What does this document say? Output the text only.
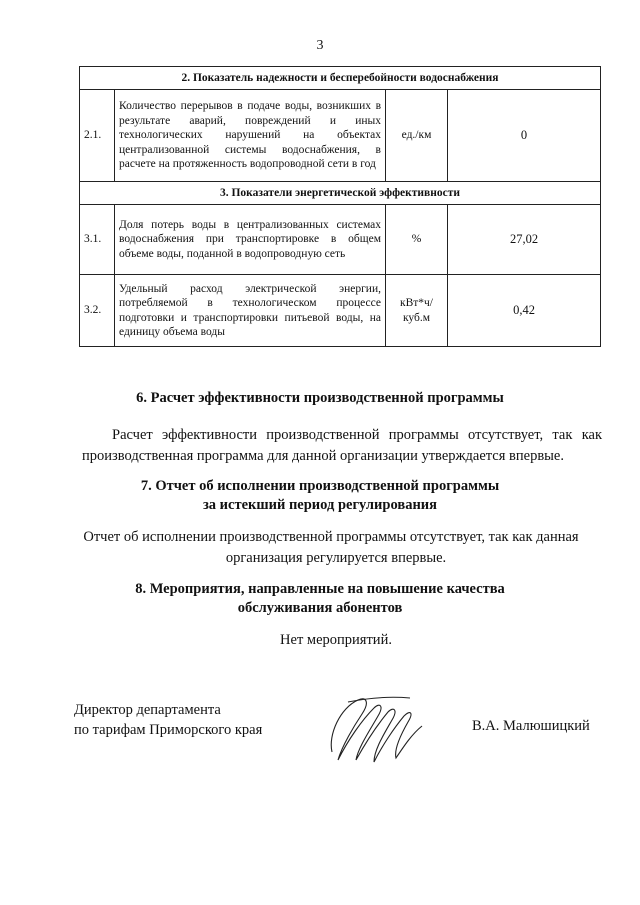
3
2. Показатель надежности и бесперебойности водоснабжения			
2.1.	Количество перерывов в подаче воды, возникших в результате аварий, повреждений и иных технологических нарушений на объектах централизованной системы водоснабжения, в расчете на протяженность водопроводной сети в год	ед./км	0
3. Показатели энергетической эффективности			
3.1.	Доля потерь воды в централизованных системах водоснабжения при транспортировке в общем объеме воды, поданной в водопроводную сеть	%	27,02
3.2.	Удельный расход электрической энергии, потребляемой в технологическом процессе подготовки и транспортировки питьевой воды, на единицу объема воды	кВт*ч/ куб.м	0,42
6. Расчет эффективности производственной программы
Расчет эффективности производственной программы отсутствует, так как производственная программа для данной организации утверждается впервые.
7. Отчет об исполнении производственной программы
за истекший период регулирования
Отчет об исполнении производственной программы отсутствует, так как данная
организация регулируется впервые.
8. Мероприятия, направленные на повышение качества
обслуживания абонентов
Нет мероприятий.
Директор департамента
по тарифам Приморского края	В.А. Малюшицкий
